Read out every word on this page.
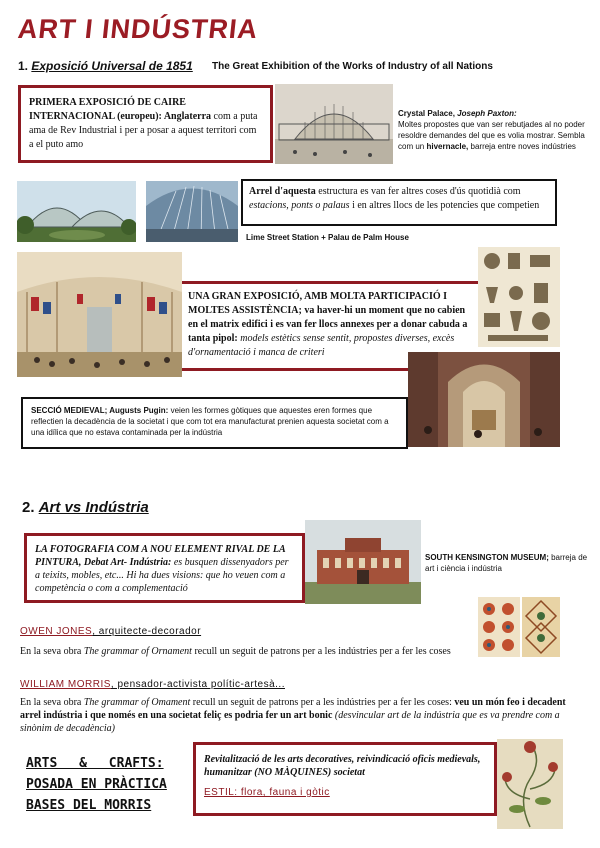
ART I INDÚSTRIA
1. Exposició Universal de 1851 The Great Exhibition of the Works of Industry of all Nations
PRIMERA EXPOSICIÓ DE CAIRE INTERNACIONAL (europeu): Anglaterra com a puta ama de Rev Industrial i per a posar a aquest territori com a el puto amo
Crystal Palace, Joseph Paxton:
Moltes propostes que van ser rebutjades al no poder resoldre demandes del que es volia mostrar. Sembla com un hivernacle, barreja entre noves indústries
Arrel d'aquesta estructura es van fer altres coses d'ús quotidià com estacions, ponts o palaus i en altres llocs de les potencies que competien
Lime Street Station + Palau de Palm House
UNA GRAN EXPOSICIÓ, AMB MOLTA PARTICIPACIÓ I MOLTES ASSISTÈNCIA; va haver-hi un moment que no cabien en el matrix edifici i es van fer llocs annexes per a donar cabuda a tanta pipol: models estètics sense sentit, propostes diverses, excès d'ornamentació i manca de criteri
SECCIÓ MEDIEVAL; Augusts Pugin: veien les formes gòtiques que aquestes eren formes que reflectien la decadència de la societat i que com tot era manufacturat prenien aquesta societat com a una idílica que no estava contaminada per la indústria
2. Art vs Indústria
LA FOTOGRAFIA COM A NOU ELEMENT RIVAL DE LA PINTURA, Debat Art- Indústria: es busquen dissenyadors per a teixits, mobles, etc... Hi ha dues visions: que ho veuen com a competència o com a complementació
SOUTH KENSINGTON MUSEUM; barreja de art i ciència i indústria
OWEN JONES, arquitecte-decorador
En la seva obra The grammar of Ornament recull un seguit de patrons per a les indústries per a fer les coses
WILLIAM MORRIS, pensador-activista polític-artesà...
En la seva obra The grammar of Omament recull un seguit de patrons per a les indústries per a fer les coses: veu un món feo i decadent arrel indústria i que només en una societat feliç es podria fer un art bonic (desvincular art de la indústria que es va prendre com a sinònim de decadència)
ARTS & CRAFTS:
POSADA EN PRÀCTICA
BASES DEL MORRIS
Revitalització de les arts decoratives, reivindicació oficis medievals, humanitzar (NO MÀQUINES) societat
ESTIL: flora, fauna i gòtic
